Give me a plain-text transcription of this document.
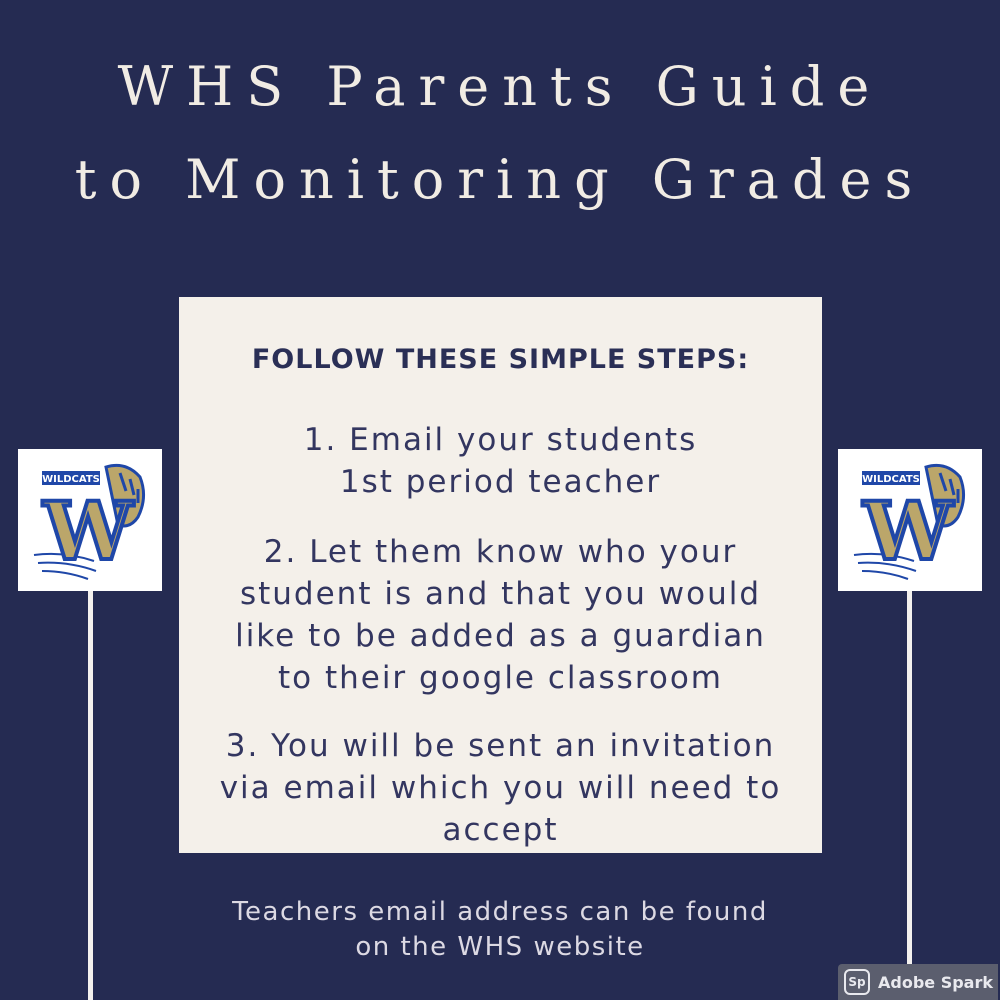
WHS Parents Guide
to Monitoring Grades
FOLLOW THESE SIMPLE STEPS:
1. Email your students
1st period teacher
2. Let them know who your
student is and that you would
like to be added as a guardian
to their google classroom
3. You will be sent an invitation
via email which you will need to
accept
WILDCATS
W
WILDCATS
W
Teachers email address can be found
on the WHS website
Sp Adobe Spark
